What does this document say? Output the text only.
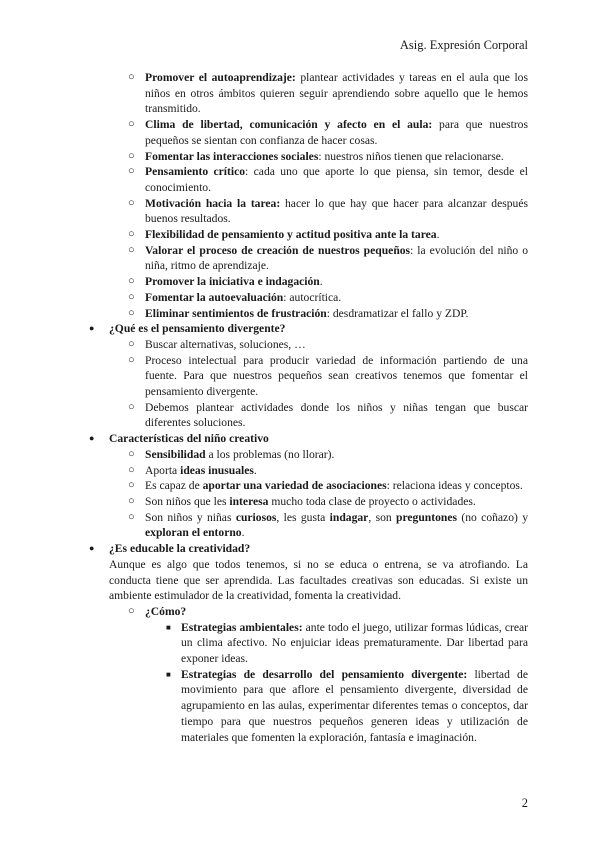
Asig. Expresión Corporal
○ Promover el autoaprendizaje: plantear actividades y tareas en el aula que los niños en otros ámbitos quieren seguir aprendiendo sobre aquello que le hemos transmitido.
○ Clima de libertad, comunicación y afecto en el aula: para que nuestros pequeños se sientan con confianza de hacer cosas.
○ Fomentar las interacciones sociales: nuestros niños tienen que relacionarse.
○ Pensamiento crítico: cada uno que aporte lo que piensa, sin temor, desde el conocimiento.
○ Motivación hacia la tarea: hacer lo que hay que hacer para alcanzar después buenos resultados.
○ Flexibilidad de pensamiento y actitud positiva ante la tarea.
○ Valorar el proceso de creación de nuestros pequeños: la evolución del niño o niña, ritmo de aprendizaje.
○ Promover la iniciativa e indagación.
○ Fomentar la autoevaluación: autocrítica.
○ Eliminar sentimientos de frustración: desdramatizar el fallo y ZDP.
● ¿Qué es el pensamiento divergente?
○ Buscar alternativas, soluciones, …
○ Proceso intelectual para producir variedad de información partiendo de una fuente. Para que nuestros pequeños sean creativos tenemos que fomentar el pensamiento divergente.
○ Debemos plantear actividades donde los niños y niñas tengan que buscar diferentes soluciones.
● Características del niño creativo
○ Sensibilidad a los problemas (no llorar).
○ Aporta ideas inusuales.
○ Es capaz de aportar una variedad de asociaciones: relaciona ideas y conceptos.
○ Son niños que les interesa mucho toda clase de proyecto o actividades.
○ Son niños y niñas curiosos, les gusta indagar, son preguntones (no coñazo) y exploran el entorno.
● ¿Es educable la creatividad?
Aunque es algo que todos tenemos, si no se educa o entrena, se va atrofiando. La conducta tiene que ser aprendida. Las facultades creativas son educadas. Si existe un ambiente estimulador de la creatividad, fomenta la creatividad.
○ ¿Cómo?
■ Estrategias ambientales: ante todo el juego, utilizar formas lúdicas, crear un clima afectivo. No enjuiciar ideas prematuramente. Dar libertad para exponer ideas.
■ Estrategias de desarrollo del pensamiento divergente: libertad de movimiento para que aflore el pensamiento divergente, diversidad de agrupamiento en las aulas, experimentar diferentes temas o conceptos, dar tiempo para que nuestros pequeños generen ideas y utilización de materiales que fomenten la exploración, fantasía e imaginación.
2
